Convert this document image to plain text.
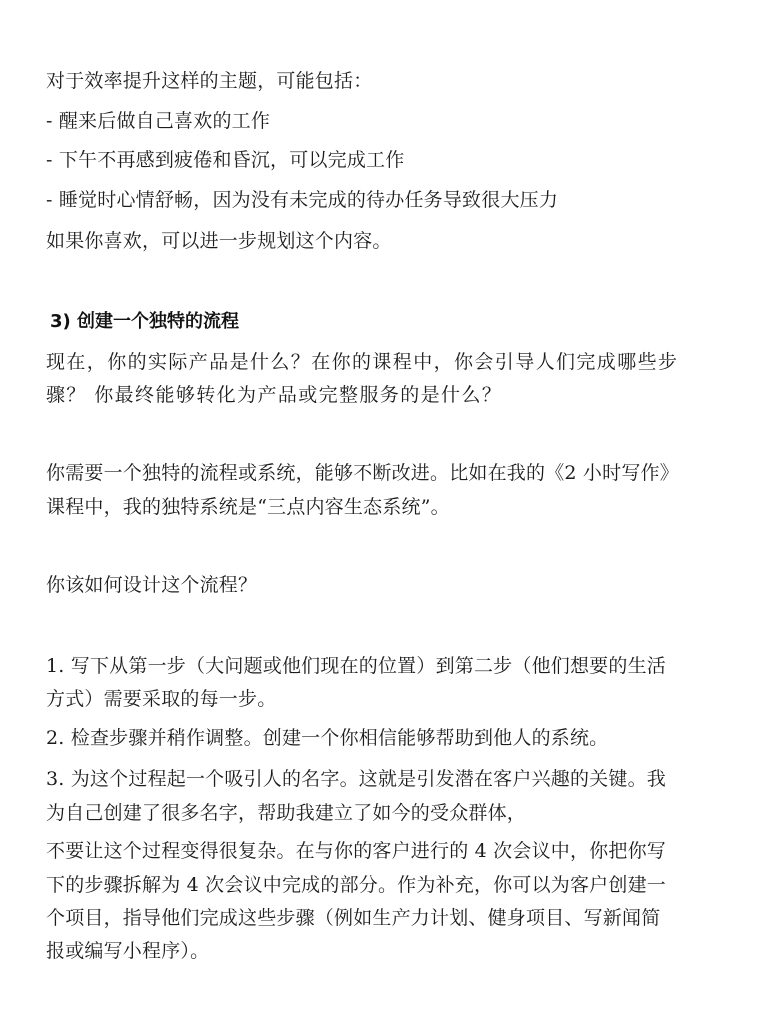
对于效率提升这样的主题，可能包括：
- 醒来后做自己喜欢的工作
- 下午不再感到疲倦和昏沉，可以完成工作
- 睡觉时心情舒畅，因为没有未完成的待办任务导致很大压力
如果你喜欢，可以进一步规划这个内容。
3) 创建一个独特的流程
现在，你的实际产品是什么？在你的课程中，你会引导人们完成哪些步
骤？ 你最终能够转化为产品或完整服务的是什么？
你需要一个独特的流程或系统，能够不断改进。比如在我的《2 小时写作》
课程中，我的独特系统是“三点内容生态系统”。
你该如何设计这个流程？
1. 写下从第一步（大问题或他们现在的位置）到第二步（他们想要的生活
方式）需要采取的每一步。
2. 检查步骤并稍作调整。创建一个你相信能够帮助到他人的系统。
3. 为这个过程起一个吸引人的名字。这就是引发潜在客户兴趣的关键。我
为自己创建了很多名字，帮助我建立了如今的受众群体，
不要让这个过程变得很复杂。在与你的客户进行的 4 次会议中，你把你写
下的步骤拆解为 4 次会议中完成的部分。作为补充，你可以为客户创建一
个项目，指导他们完成这些步骤（例如生产力计划、健身项目、写新闻简
报或编写小程序）。
